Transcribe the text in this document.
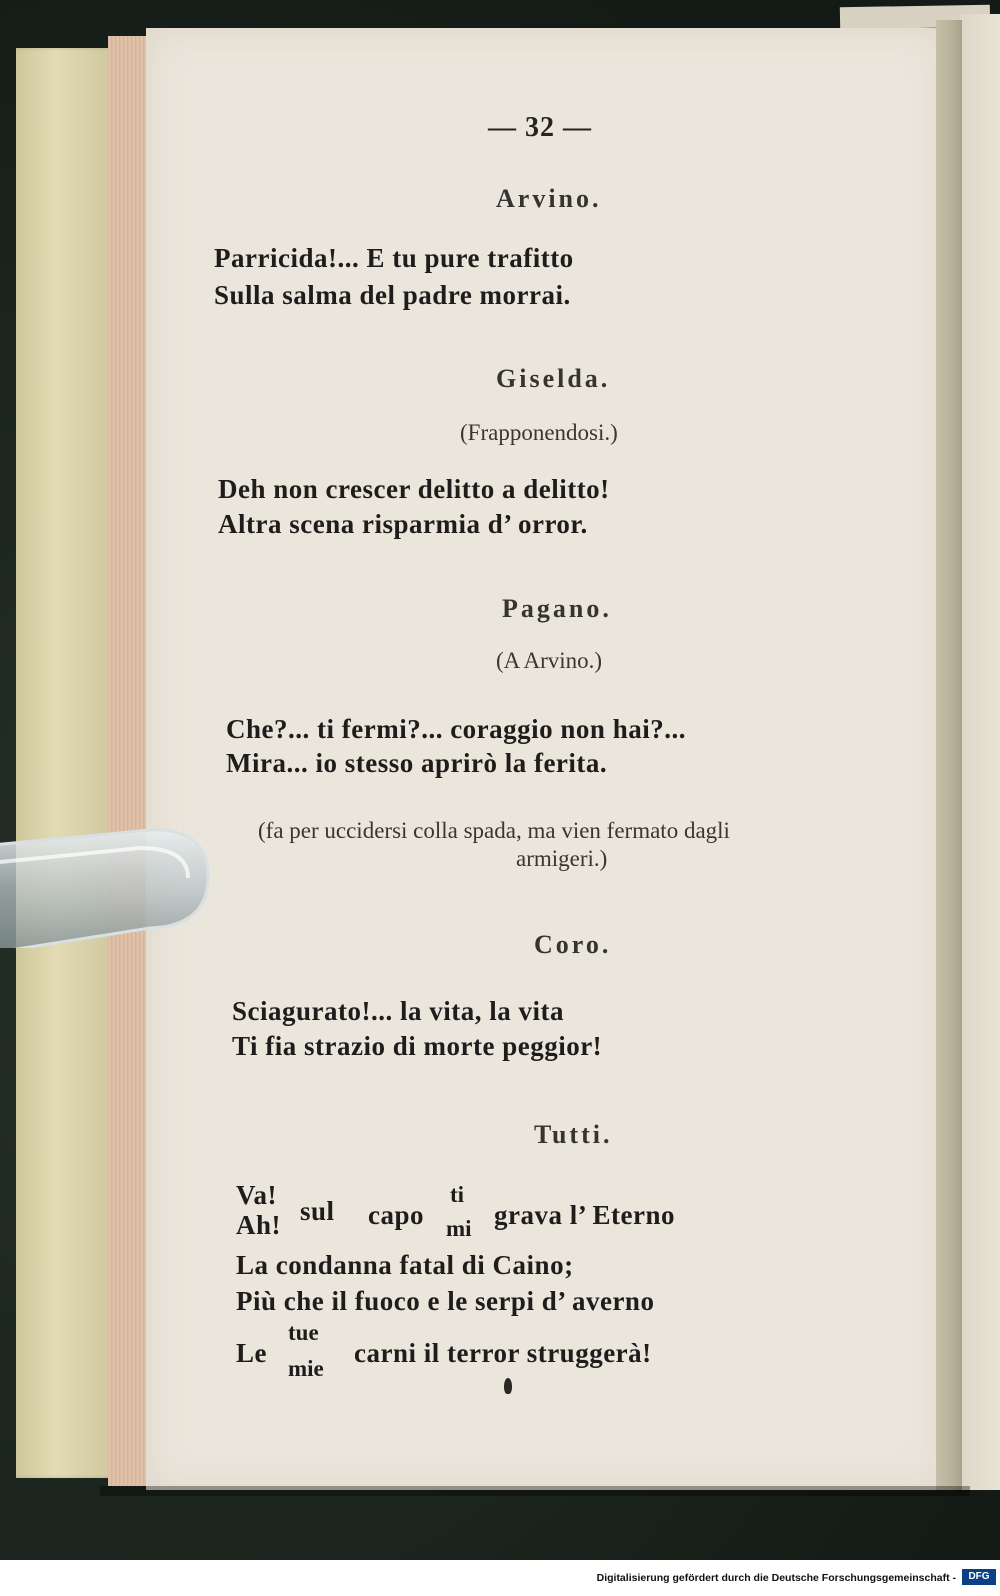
— 32 —

Arvino.

Parricida!... E tu pure trafitto

Sulla salma del padre morrai.

Giselda.

(Frapponendosi.)

Deh non crescer delitto a delitto!

Altra scena risparmia d’ orror.

Pagano.

(A Arvino.)

Che?... ti fermi?... coraggio non hai?...

Mira... io stesso aprirò la ferita.

(fa per uccidersi colla spada, ma vien fermato dagli

armigeri.)

Coro.

Sciagurato!... la vita, la vita

Ti fia strazio di morte peggior!

Tutti.

Va!

Ah! sul capo

ti

mi grava l’ Eterno

La condanna fatal di Caino;

Più che il fuoco e le serpi d’ averno

Le

tue

mie

carni il terror struggerà!

Digitalisierung gefördert durch die Deutsche Forschungsgemeinschaft -	DFG
